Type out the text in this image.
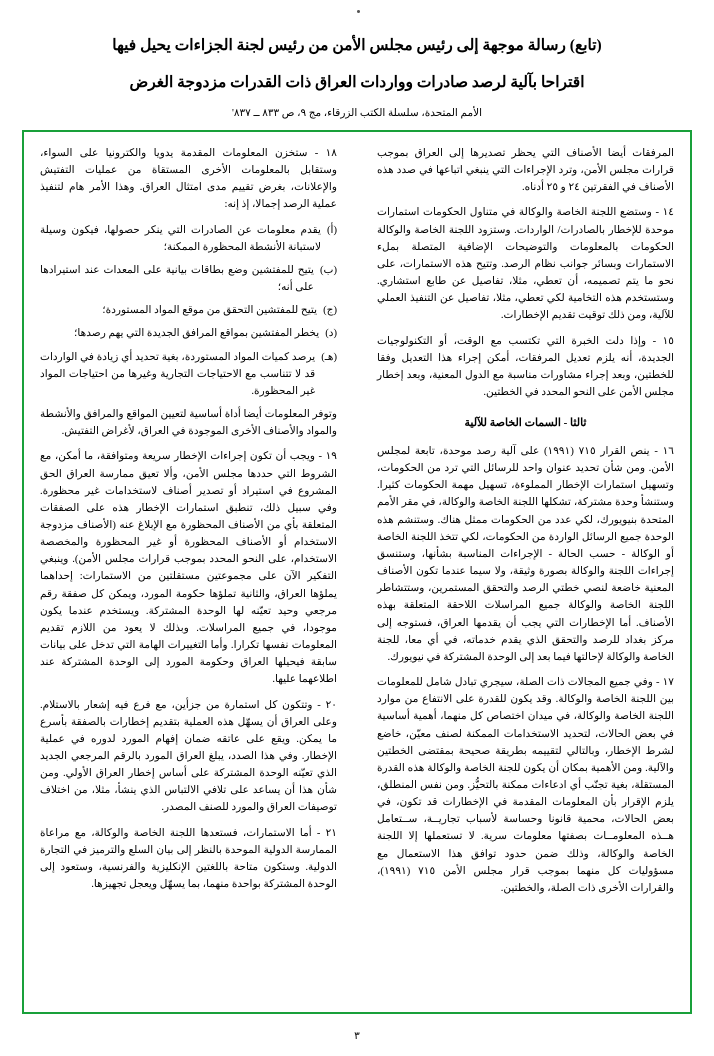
(تابع) رسالة موجهة إلى رئيس مجلس الأمن من رئيس لجنة الجزاءات يحيل فيها
اقتراحا بآلية لرصد صادرات وواردات العراق ذات القدرات مزدوجة الغرض
الأمم المتحدة، سلسلة الكتب الزرقاء، مج ٩، ص ٨٣٣ ــ ٨٣٧'

المرفقات أيضا الأصناف التي يحظر تصديرها إلى العراق بموجب قرارات مجلس الأمن، وترد الإجراءات التي ينبغي اتباعها في صدد هذه الأصناف في الفقرتين ٢٤ و ٢٥ أدناه.

١٤ - وستضع اللجنة الخاصة والوكالة في متناول الحكومات استمارات موحدة للإخطار بالصادرات/ الواردات. وستزود اللجنة الخاصة والوكالة الحكومات بالمعلومات والتوضيحات الإضافية المتصلة بملء الاستمارات وبسائر جوانب نظام الرصد. وتتيح هذه الاستمارات، على نحو ما يتم تصميمه، أن تعطي، مثلا، تفاصيل عن طابع استشاري. وستستخدم هذه التخامية لكي تعطي، مثلا، تفاصيل عن التنفيذ العملي للآلية، ومن ذلك توقيت تقديم الإخطارات.

١٥ - وإذا دلت الخبرة التي تكتسب مع الوقت، أو التكنولوجيات الجديدة، أنه يلزم تعديل المرفقات، أمكن إجراء هذا التعديل وفقا للخطتين، وبعد إجراء مشاورات مناسبة مع الدول المعنية، وبعد إخطار مجلس الأمن على النحو المحدد في الخطتين.

ثالثا - السمات الخاصة للآلية

١٦ - ينص القرار ٧١٥ (١٩٩١) على آلية رصد موحدة، تابعة لمجلس الأمن. ومن شأن تحديد عنوان واحد للرسائل التي ترد من الحكومات، وتسهيل استمارات الإخطار المملوءة، تسهيل مهمة الحكومات كثيرا. وستنشأ وحدة مشتركة، تشكلها اللجنة الخاصة والوكالة، في مقر الأمم المتحدة بنيويورك، لكي عدد من الحكومات ممثل هناك. وستنشم هذه الوحدة جميع الرسائل الواردة من الحكومات، لكي تتخذ اللجنة الخاصة أو الوكالة - حسب الحالة - الإجراءات المناسبة بشأنها، وستنسق إجراءات اللجنة والوكالة بصورة وثيقة، ولا سيما عندما تكون الأصناف المعنية خاضعة لنصي خطتي الرصد والتحقق المستمرين، وستتشاطر اللجنة الخاصة والوكالة جميع المراسلات اللاحقة المتعلقة بهذه الأصناف. أما الإخطارات التي يجب أن يقدمها العراق، فستوجه إلى مركز بغداد للرصد والتحقق الذي يقدم خدماته، في أي معا، للجنة الخاصة والوكالة لإحالتها فيما بعد إلى الوحدة المشتركة في نيويورك.

١٧ - وفي جميع المجالات ذات الصلة، سيجري تبادل شامل للمعلومات بين اللجنة الخاصة والوكالة. وقد يكون للقدرة على الانتفاع من موارد اللجنة الخاصة والوكالة، في ميدان اختصاص كل منهما، أهمية أساسية في بعض الحالات، لتحديد الاستخدامات الممكنة لصنف معيّن، خاضع لشرط الإخطار، وبالتالي لتقييمه بطريقة صحيحة بمقتضى الخطتين والآلية. ومن الأهمية بمكان أن يكون للجنة الخاصة والوكالة هذه القدرة المستقلة، بغية تجنّب أي ادعاءات ممكنة بالتحيُّز. ومن نفس المنطلق، يلزم الإقرار بأن المعلومات المقدمة في الإخطارات قد تكون، في بعض الحالات، محمية قانونا وحساسة لأسباب تجاريــة، ســتعامل هــذه المعلومــات بصفتها معلومات سرية. لا تستعملها إلا اللجنة الخاصة والوكالة، وذلك ضمن حدود توافق هذا الاستعمال مع مسؤوليات كل منهما بموجب قرار مجلس الأمن ٧١٥ (١٩٩١)، والقرارات الأخرى ذات الصلة، والخطتين.

١٨ - ستخزن المعلومات المقدمة يدويا والكترونيا على السواء، وستقابل بالمعلومات الأخرى المستقاة من عمليات التفتيش والإعلانات، بغرض تقييم مدى امتثال العراق. وهذا الأمر هام لتنفيذ عملية الرصد إجمالا، إذ إنه:

(أ)
يقدم معلومات عن الصادرات التي ينكر حصولها، فيكون وسيلة لاستبانة الأنشطة المحظورة الممكنة؛
(ب)
يتيح للمفتشين وضع بطاقات بيانية على المعدات عند استيرادها على أنه؛
(ج)
يتيح للمفتشين التحقق من موقع المواد المستوردة؛
(د)
يخطر المفتشين بمواقع المرافق الجديدة التي يهم رصدها؛
(هـ)
يرصد كميات المواد المستوردة، بغية تحديد أي زيادة في الواردات قد لا تتناسب مع الاحتياجات التجارية وغيرها من احتياجات المواد غير المحظورة.

وتوفر المعلومات أيضا أداة أساسية لتعيين المواقع والمرافق والأنشطة والمواد والأصناف الأخرى الموجودة في العراق، لأغراض التفتيش.

١٩ - ويجب أن تكون إجراءات الإخطار سريعة ومتوافقة، ما أمكن، مع الشروط التي حددها مجلس الأمن، وألا تعيق ممارسة العراق الحق المشروع في استيراد أو تصدير أصناف لاستخدامات غير محظورة. وفي سبيل ذلك، تنطبق استمارات الإخطار هذه على الصفقات المتعلقة بأي من الأصناف المحظورة مع الإبلاغ عنه (الأصناف مزدوجة الاستخدام أو الأصناف المحظورة أو غير المحظورة والمخصصة الاستخدام، على النحو المحدد بموجب قرارات مجلس الأمن). وينبغي التفكير الآن على مجموعتين مستقلتين من الاستمارات: إحداهما يملؤها العراق، والثانية تملؤها حكومة المورد، ويمكن كل صفقة رقم مرجعي وحيد تعيّنه لها الوحدة المشتركة. ويستخدم عندما يكون موجودا، في جميع المراسلات. وبذلك لا يعود من اللازم تقديم المعلومات نفسها تكرارا. وأما التغييرات الهامة التي تدخل على بيانات سابقة فيحيلها العراق وحكومة المورد إلى الوحدة المشتركة عند اطلاعهما عليها.

٢٠ - وتتكون كل استمارة من جزأين، مع فرع فيه إشعار بالاستلام. وعلى العراق أن يسهّل هذه العملية بتقديم إخطارات بالصفقة بأسرع ما يمكن. ويقع على عاتقه ضمان إفهام المورد لدوره في عملية الإخطار. وفي هذا الصدد، يبلغ العراق المورد بالرقم المرجعي الجديد الذي تعيّنه الوحدة المشتركة على أساس إخطار العراق الأولي. ومن شأن هذا أن يساعد على تلافي الالتباس الذي ينشأ، مثلا، من اختلاف توصيفات العراق والمورد للصنف المصدر.

٢١ - أما الاستمارات، فستعدها اللجنة الخاصة والوكالة، مع مراعاة الممارسة الدولية الموحدة بالنظر إلى بيان السلع والترميز في التجارة الدولية. وستكون متاحة باللغتين الإنكليزية والفرنسية، وستعود إلى الوحدة المشتركة بواحدة منهما، بما يسهّل ويعجل تجهيزها.

٣
